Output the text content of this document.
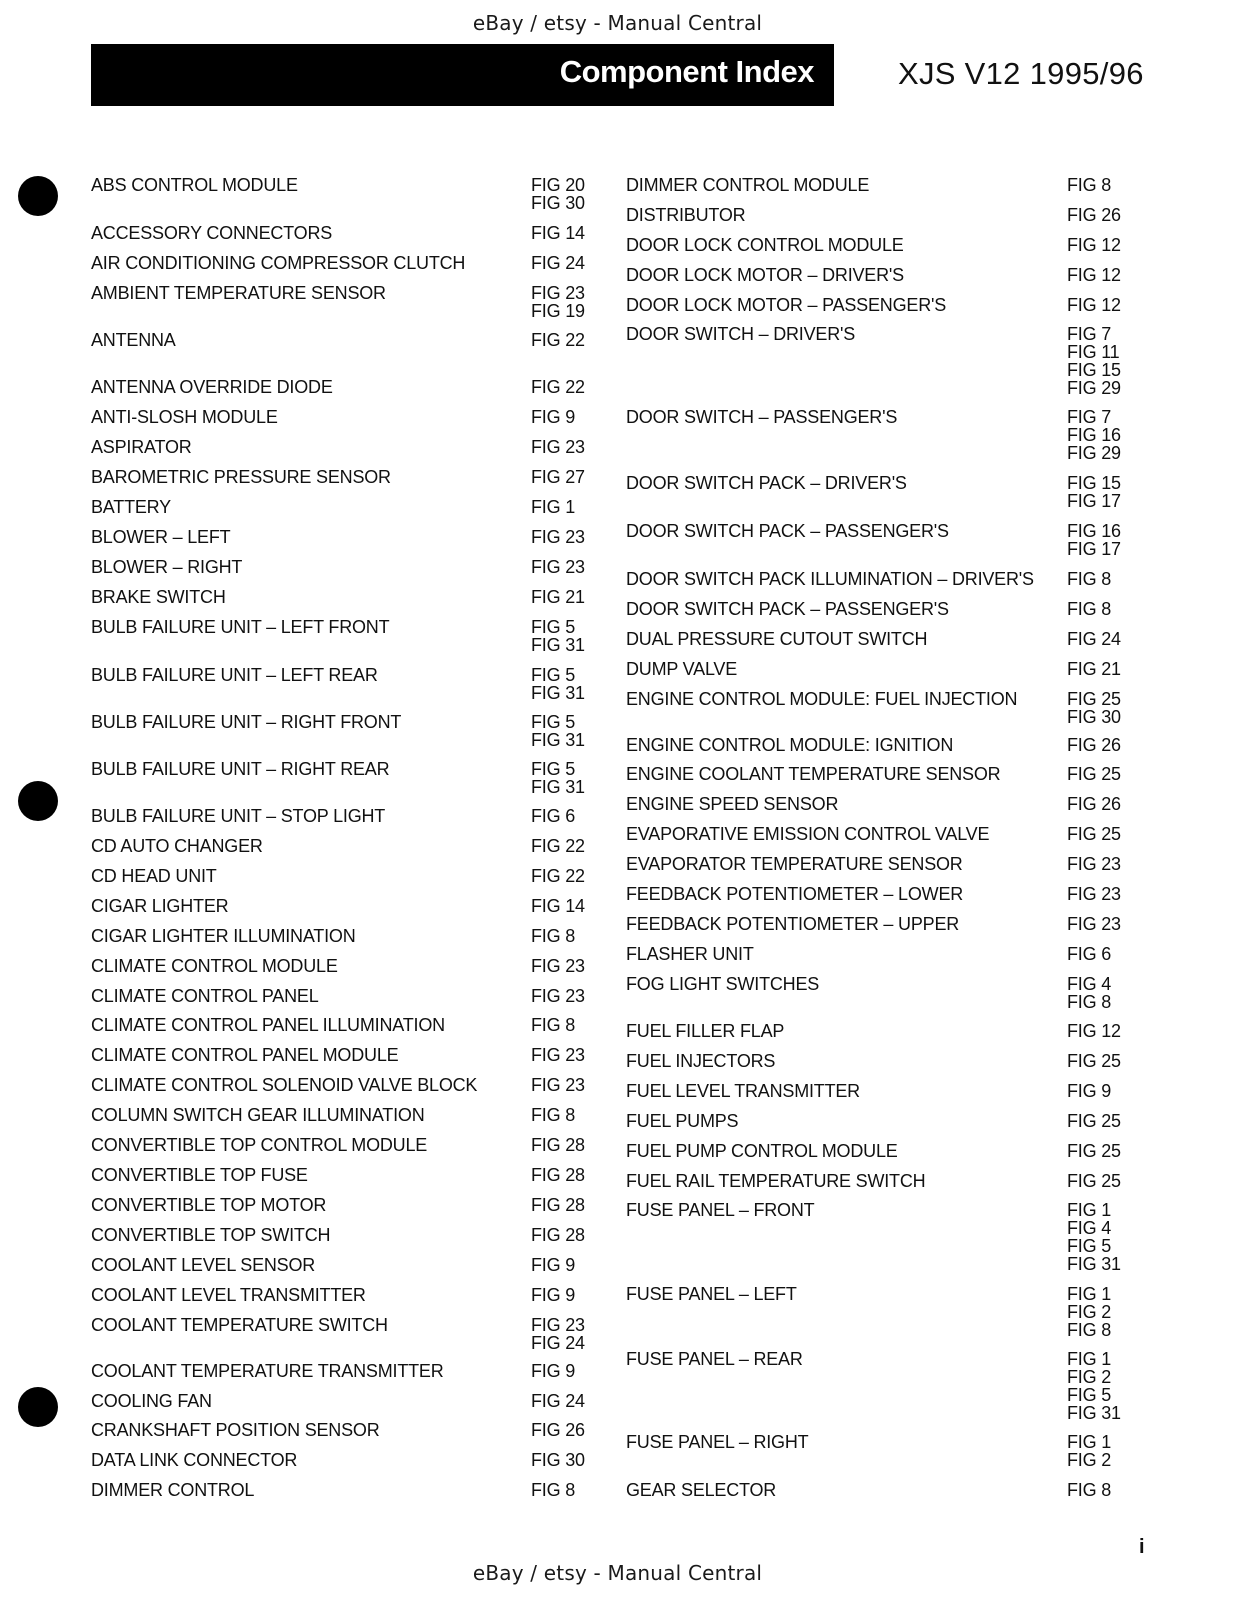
eBay / etsy - Manual Central
Component Index	XJS V12 1995/96
ABS CONTROL MODULE	FIG 20
FIG 30
ACCESSORY CONNECTORS	FIG 14
AIR CONDITIONING COMPRESSOR CLUTCH	FIG 24
AMBIENT TEMPERATURE SENSOR	FIG 23
FIG 19
ANTENNA	FIG 22
ANTENNA OVERRIDE DIODE	FIG 22
ANTI-SLOSH MODULE	FIG 9
ASPIRATOR	FIG 23
BAROMETRIC PRESSURE SENSOR	FIG 27
BATTERY	FIG 1
BLOWER – LEFT	FIG 23
BLOWER – RIGHT	FIG 23
BRAKE SWITCH	FIG 21
BULB FAILURE UNIT – LEFT FRONT	FIG 5
FIG 31
BULB FAILURE UNIT – LEFT REAR	FIG 5
FIG 31
BULB FAILURE UNIT – RIGHT FRONT	FIG 5
FIG 31
BULB FAILURE UNIT – RIGHT REAR	FIG 5
FIG 31
BULB FAILURE UNIT – STOP LIGHT	FIG 6
CD AUTO CHANGER	FIG 22
CD HEAD UNIT	FIG 22
CIGAR LIGHTER	FIG 14
CIGAR LIGHTER ILLUMINATION	FIG 8
CLIMATE CONTROL MODULE	FIG 23
CLIMATE CONTROL PANEL	FIG 23
CLIMATE CONTROL PANEL ILLUMINATION	FIG 8
CLIMATE CONTROL PANEL MODULE	FIG 23
CLIMATE CONTROL SOLENOID VALVE BLOCK	FIG 23
COLUMN SWITCH GEAR ILLUMINATION	FIG 8
CONVERTIBLE TOP CONTROL MODULE	FIG 28
CONVERTIBLE TOP FUSE	FIG 28
CONVERTIBLE TOP MOTOR	FIG 28
CONVERTIBLE TOP SWITCH	FIG 28
COOLANT LEVEL SENSOR	FIG 9
COOLANT LEVEL TRANSMITTER	FIG 9
COOLANT TEMPERATURE SWITCH	FIG 23
FIG 24
COOLANT TEMPERATURE TRANSMITTER	FIG 9
COOLING FAN	FIG 24
CRANKSHAFT POSITION SENSOR	FIG 26
DATA LINK CONNECTOR	FIG 30
DIMMER CONTROL	FIG 8
DIMMER CONTROL MODULE	FIG 8
DISTRIBUTOR	FIG 26
DOOR LOCK CONTROL MODULE	FIG 12
DOOR LOCK MOTOR – DRIVER'S	FIG 12
DOOR LOCK MOTOR – PASSENGER'S	FIG 12
DOOR SWITCH – DRIVER'S	FIG 7
FIG 11
FIG 15
FIG 29
DOOR SWITCH – PASSENGER'S	FIG 7
FIG 16
FIG 29
DOOR SWITCH PACK – DRIVER'S	FIG 15
FIG 17
DOOR SWITCH PACK – PASSENGER'S	FIG 16
FIG 17
DOOR SWITCH PACK ILLUMINATION – DRIVER'S FIG 8
DOOR SWITCH PACK – PASSENGER'S	FIG 8
DUAL PRESSURE CUTOUT SWITCH	FIG 24
DUMP VALVE	FIG 21
ENGINE CONTROL MODULE: FUEL INJECTION	FIG 25
FIG 30
ENGINE CONTROL MODULE: IGNITION	FIG 26
ENGINE COOLANT TEMPERATURE SENSOR	FIG 25
ENGINE SPEED SENSOR	FIG 26
EVAPORATIVE EMISSION CONTROL VALVE	FIG 25
EVAPORATOR TEMPERATURE SENSOR	FIG 23
FEEDBACK POTENTIOMETER – LOWER	FIG 23
FEEDBACK POTENTIOMETER – UPPER	FIG 23
FLASHER UNIT	FIG 6
FOG LIGHT SWITCHES	FIG 4
FIG 8
FUEL FILLER FLAP	FIG 12
FUEL INJECTORS	FIG 25
FUEL LEVEL TRANSMITTER	FIG 9
FUEL PUMPS	FIG 25
FUEL PUMP CONTROL MODULE	FIG 25
FUEL RAIL TEMPERATURE SWITCH	FIG 25
FUSE PANEL – FRONT	FIG 1
FIG 4
FIG 5
FIG 31
FUSE PANEL – LEFT	FIG 1
FIG 2
FIG 8
FUSE PANEL – REAR	FIG 1
FIG 2
FIG 5
FIG 31
FUSE PANEL – RIGHT	FIG 1
FIG 2
GEAR SELECTOR	FIG 8
i
eBay / etsy - Manual Central
